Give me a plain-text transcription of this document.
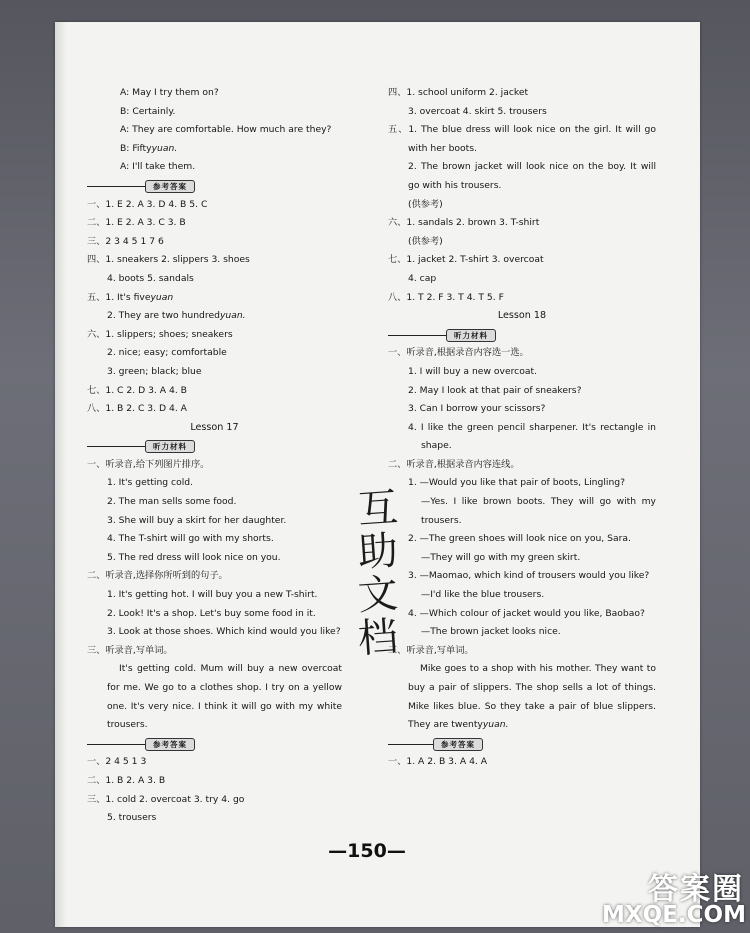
A: May I try them on?
B: Certainly.
A: They are comfortable. How much are they?
B: Fiftyyuan.
A: I'll take them.
参考答案
一、1. E 2. A 3. D 4. B 5. C
二、1. E 2. A 3. C 3. B
三、2 3 4 5 1 7 6
四、1. sneakers 2. slippers 3. shoes
4. boots 5. sandals
五、1. It's fiveyuan
2. They are two hundredyuan.
六、1. slippers; shoes; sneakers
2. nice; easy; comfortable
3. green; black; blue
七、1. C 2. D 3. A 4. B
八、1. B 2. C 3. D 4. A
Lesson 17
听力材料
一、听录音,给下列图片排序。
1. It's getting cold.
2. The man sells some food.
3. She will buy a skirt for her daughter.
4. The T-shirt will go with my shorts.
5. The red dress will look nice on you.
二、听录音,选择你所听到的句子。
1. It's getting hot. I will buy you a new T-shirt.
2. Look! It's a shop. Let's buy some food in it.
3. Look at those shoes. Which kind would you like?
三、听录音,写单词。
It's getting cold. Mum will buy a new overcoat for me. We go to a clothes shop. I try on a yellow one. It's very nice. I think it will go with my white trousers.
参考答案
一、2 4 5 1 3
二、1. B 2. A 3. B
三、1. cold 2. overcoat 3. try 4. go
5. trousers
四、1. school uniform 2. jacket
3. overcoat 4. skirt 5. trousers
五、1. The blue dress will look nice on the girl. It will go with her boots.
2. The brown jacket will look nice on the boy. It will go with his trousers.
(供参考)
六、1. sandals 2. brown 3. T-shirt
(供参考)
七、1. jacket 2. T-shirt 3. overcoat
4. cap
八、1. T 2. F 3. T 4. T 5. F
Lesson 18
听力材料
一、听录音,根据录音内容选一选。
1. I will buy a new overcoat.
2. May I look at that pair of sneakers?
3. Can I borrow your scissors?
4. I like the green pencil sharpener. It's rectangle in shape.
二、听录音,根据录音内容连线。
1. —Would you like that pair of boots, Lingling?
—Yes. I like brown boots. They will go with my trousers.
2. —The green shoes will look nice on you, Sara.
—They will go with my green skirt.
3. —Maomao, which kind of trousers would you like?
—I'd like the blue trousers.
4. —Which colour of jacket would you like, Baobao?
—The brown jacket looks nice.
三、听录音,写单词。
Mike goes to a shop with his mother. They want to buy a pair of slippers. The shop sells a lot of things. Mike likes blue. So they take a pair of blue slippers. They are twentyyuan.
参考答案
一、1. A 2. B 3. A 4. A
互
助
文
档
—150—
答案圈
MXQE.COM
